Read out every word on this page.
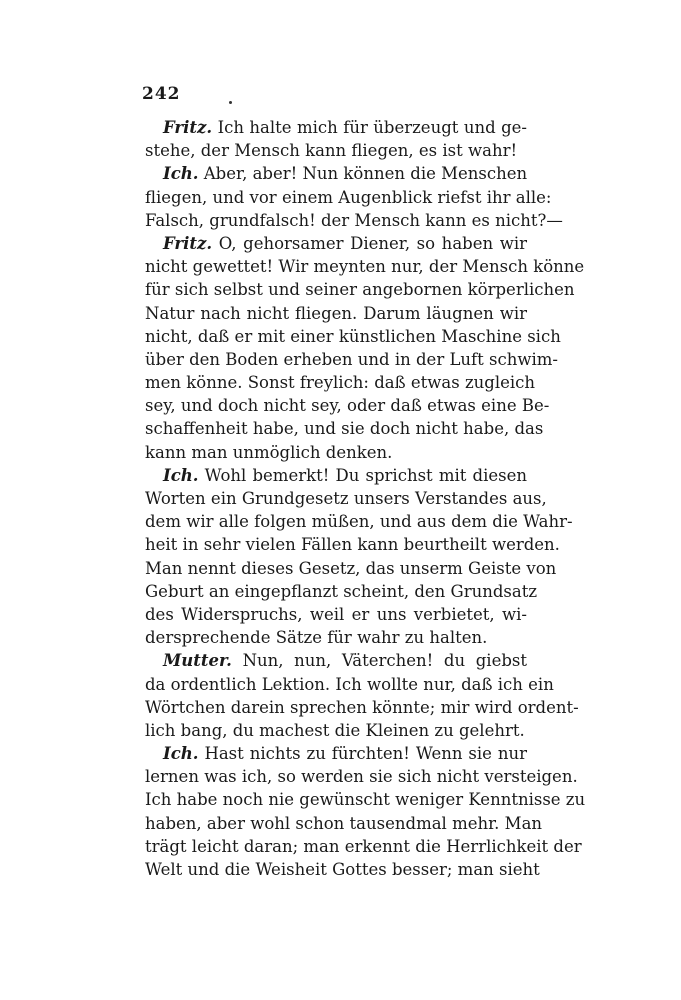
242
Fritz. Ich halte mich für überzeugt und ge-
stehe, der Mensch kann fliegen, es ist wahr!
Ich. Aber, aber! Nun können die Menschen
fliegen, und vor einem Augenblick riefst ihr alle:
Falsch, grundfalsch! der Mensch kann es nicht?—
Fritz. O, gehorsamer Diener, so haben wir
nicht gewettet! Wir meynten nur, der Mensch könne
für sich selbst und seiner angebornen körperlichen
Natur nach nicht fliegen. Darum läugnen wir
nicht, daß er mit einer künstlichen Maschine sich
über den Boden erheben und in der Luft schwim-
men könne. Sonst freylich: daß etwas zugleich
sey, und doch nicht sey, oder daß etwas eine Be-
schaffenheit habe, und sie doch nicht habe, das
kann man unmöglich denken.
Ich. Wohl bemerkt! Du sprichst mit diesen
Worten ein Grundgesetz unsers Verstandes aus,
dem wir alle folgen müßen, und aus dem die Wahr-
heit in sehr vielen Fällen kann beurtheilt werden.
Man nennt dieses Gesetz, das unserm Geiste von
Geburt an eingepflanzt scheint, den Grundsatz
des Widerspruchs, weil er uns verbietet, wi-
dersprechende Sätze für wahr zu halten.
Mutter. Nun, nun, Väterchen! du giebst
da ordentlich Lektion. Ich wollte nur, daß ich ein
Wörtchen darein sprechen könnte; mir wird ordent-
lich bang, du machest die Kleinen zu gelehrt.
Ich. Hast nichts zu fürchten! Wenn sie nur
lernen was ich, so werden sie sich nicht versteigen.
Ich habe noch nie gewünscht weniger Kenntnisse zu
haben, aber wohl schon tausendmal mehr. Man
trägt leicht daran; man erkennt die Herrlichkeit der
Welt und die Weisheit Gottes besser; man sieht
